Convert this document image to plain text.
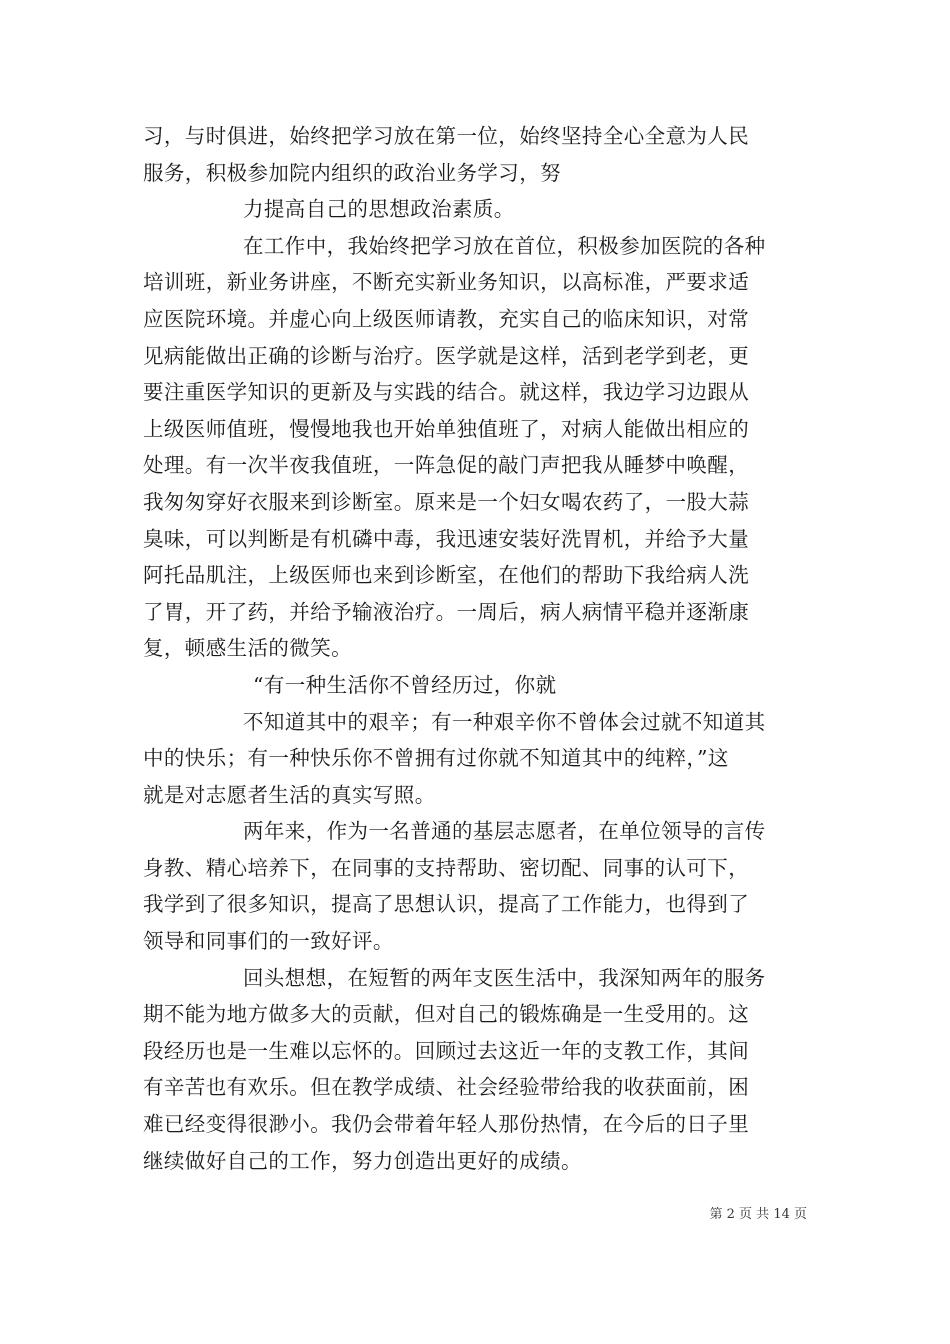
习，与时俱进，始终把学习放在第一位，始终坚持全心全意为人民
服务，积极参加院内组织的政治业务学习，努
力提高自己的思想政治素质。
在工作中，我始终把学习放在首位，积极参加医院的各种
培训班，新业务讲座，不断充实新业务知识，以高标准，严要求适
应医院环境。并虚心向上级医师请教，充实自己的临床知识，对常
见病能做出正确的诊断与治疗。医学就是这样，活到老学到老，更
要注重医学知识的更新及与实践的结合。就这样，我边学习边跟从
上级医师值班，慢慢地我也开始单独值班了，对病人能做出相应的
处理。有一次半夜我值班，一阵急促的敲门声把我从睡梦中唤醒，
我匆匆穿好衣服来到诊断室。原来是一个妇女喝农药了，一股大蒜
臭味，可以判断是有机磷中毒，我迅速安装好洗胃机，并给予大量
阿托品肌注，上级医师也来到诊断室，在他们的帮助下我给病人洗
了胃，开了药，并给予输液治疗。一周后，病人病情平稳并逐渐康
复，顿感生活的微笑。
“有一种生活你不曾经历过，你就
不知道其中的艰辛；有一种艰辛你不曾体会过就不知道其
中的快乐；有一种快乐你不曾拥有过你就不知道其中的纯粹，”这
就是对志愿者生活的真实写照。
两年来，作为一名普通的基层志愿者，在单位领导的言传
身教、精心培养下，在同事的支持帮助、密切配、同事的认可下，
我学到了很多知识，提高了思想认识，提高了工作能力，也得到了
领导和同事们的一致好评。
回头想想，在短暂的两年支医生活中，我深知两年的服务
期不能为地方做多大的贡献，但对自己的锻炼确是一生受用的。这
段经历也是一生难以忘怀的。回顾过去这近一年的支教工作，其间
有辛苦也有欢乐。但在教学成绩、社会经验带给我的收获面前，困
难已经变得很渺小。我仍会带着年轻人那份热情，在今后的日子里
继续做好自己的工作，努力创造出更好的成绩。
第 2 页 共 14 页
